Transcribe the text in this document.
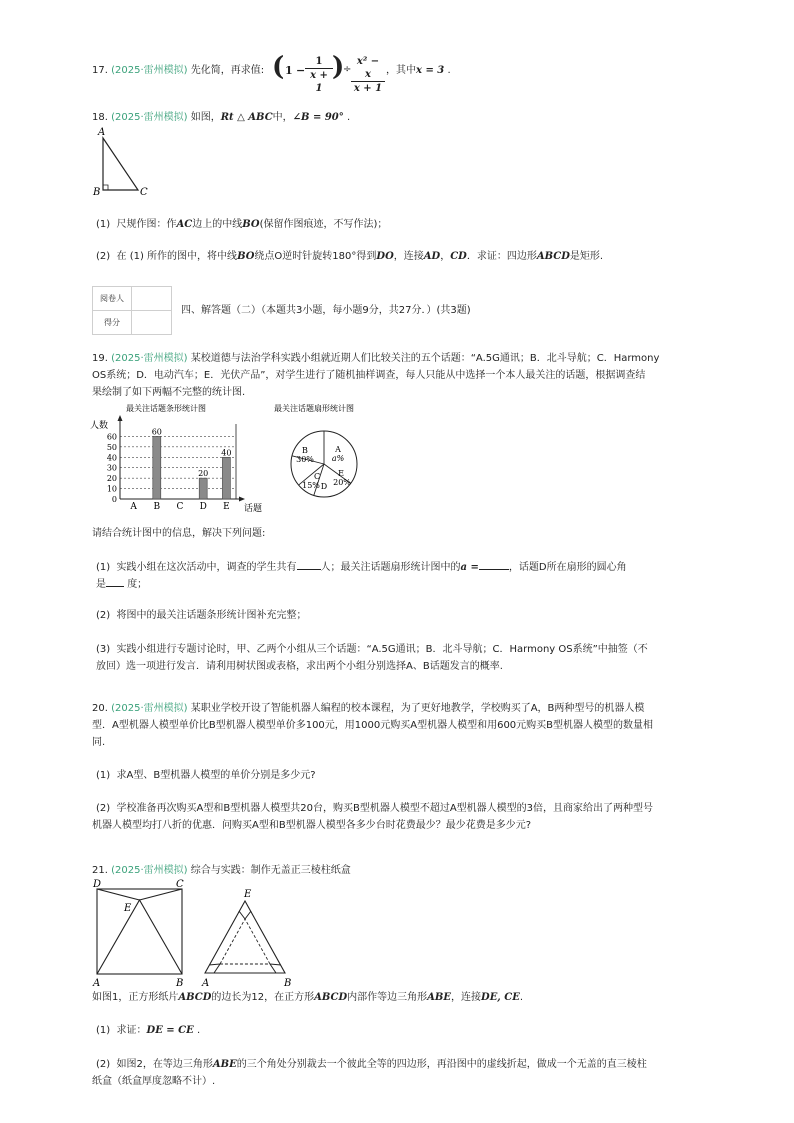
17. (2025·雷州模拟) 先化简，再求值: ( $1 - \frac{1}{x + 1}$ )
÷ $\frac{\text{x² − x}}{x + 1}$ ，其中x = 3 .
18. (2025·雷州模拟) 如图，Rt △ ABC中，∠B = 90° .
A
B	C
(1) 尺规作图：作AC边上的中线BO(保留作图痕迹，不写作法)；
(2) 在 (1) 所作的图中，将中线BO绕点O逆时针旋转180°得到DO，连接AD，CD．求证：四边形ABCD是矩形.
阅卷人	
得分	
四、解答题（二）（本题共3小题，每小题9分，共27分．）(共3题)
19. (2025·雷州模拟) 某校道德与法治学科实践小组就近期人们比较关注的五个话题：“A.5G通讯；B．北斗导航；C．Harmony
OS系统；D．电动汽车；E．光伏产品”，对学生进行了随机抽样调查，每人只能从中选择一个本人最关注的话题，根据调查结
果绘制了如下两幅不完整的统计图.
最关注话题条形统计图
人数
0
10
20
30
40
50
60
60
20
40
A B C D E 话题
最关注话题扇形统计图
B
30%
A
a%
E
20%
C
15% D
请结合统计图中的信息，解决下列问题:
(1) 实践小组在这次活动中，调查的学生共有 人；最关注话题扇形统计图中的a =	，话题D所在扇形的圆心角
是 度；
(2) 将图中的最关注话题条形统计图补充完整；
(3) 实践小组进行专题讨论时，甲、乙两个小组从三个话题：“A.5G通讯；B．北斗导航；C．Harmony OS系统”中抽签（不
放回）选一项进行发言．请利用树状图或表格，求出两个小组分别选择A、B话题发言的概率.
20. (2025·雷州模拟) 某职业学校开设了智能机器人编程的校本课程，为了更好地教学，学校购买了A，B两种型号的机器人模
型．A型机器人模型单价比B型机器人模型单价多100元，用1000元购买A型机器人模型和用600元购买B型机器人模型的数量相
同.
(1) 求A型、B型机器人模型的单价分别是多少元?
(2) 学校准备再次购买A型和B型机器人模型共20台，购买B型机器人模型不超过A型机器人模型的3倍，且商家给出了两种型号
机器人模型均打八折的优惠．问购买A型和B型机器人模型各多少台时花费最少？最少花费是多少元?
21. (2025·雷州模拟) 综合与实践：制作无盖正三棱柱纸盒
D	C
E
A	B
E
A	B
如图1，正方形纸片ABCD的边长为12，在正方形ABCD内部作等边三角形ABE，连接DE, CE.
(1) 求证：DE = CE .
(2) 如图2，在等边三角形ABE的三个角处分别裁去一个彼此全等的四边形，再沿图中的虚线折起，做成一个无盖的直三棱柱
纸盒（纸盒厚度忽略不计）.
